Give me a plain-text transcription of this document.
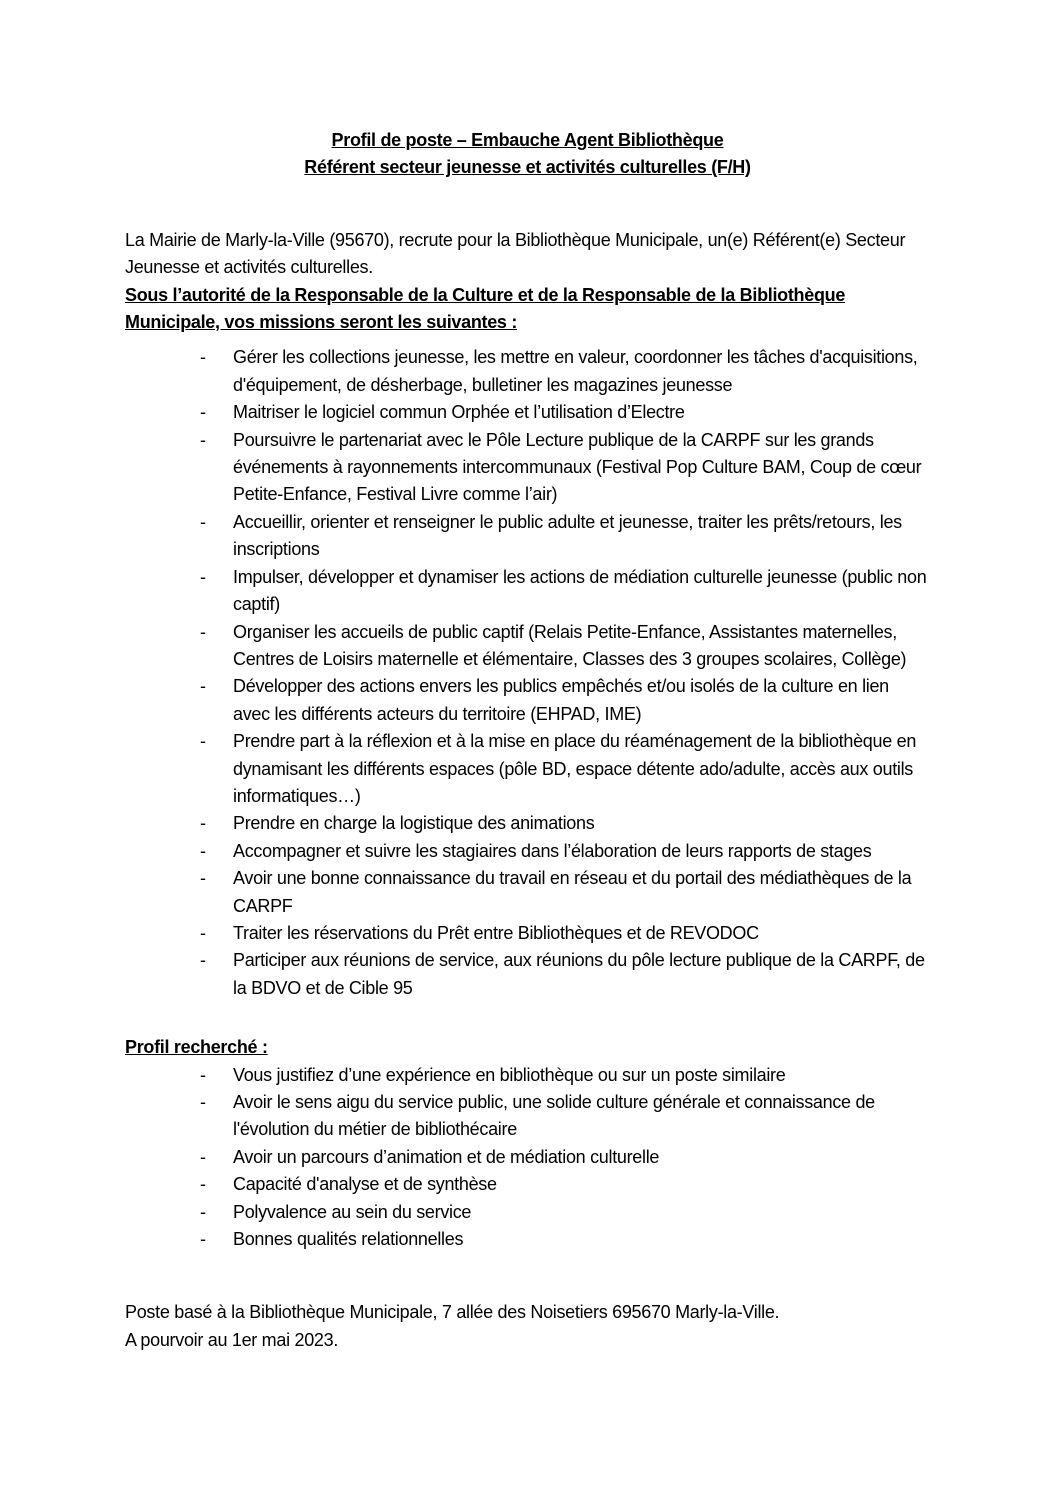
Profil de poste – Embauche Agent Bibliothèque
Référent secteur jeunesse et activités culturelles (F/H)

La Mairie de Marly-la-Ville (95670), recrute pour la Bibliothèque Municipale, un(e) Référent(e) Secteur Jeunesse et activités culturelles.

Sous l’autorité de la Responsable de la Culture et de la Responsable de la Bibliothèque Municipale, vos missions seront les suivantes :

-	Gérer les collections jeunesse, les mettre en valeur, coordonner les tâches d'acquisitions, d'équipement, de désherbage, bulletiner les magazines jeunesse
-	Maitriser le logiciel commun Orphée et l’utilisation d’Electre
-	Poursuivre le partenariat avec le Pôle Lecture publique de la CARPF sur les grands événements à rayonnements intercommunaux (Festival Pop Culture BAM, Coup de cœur Petite-Enfance, Festival Livre comme l’air)
-	Accueillir, orienter et renseigner le public adulte et jeunesse, traiter les prêts/retours, les inscriptions
-	Impulser, développer et dynamiser les actions de médiation culturelle jeunesse (public non captif)
-	Organiser les accueils de public captif (Relais Petite-Enfance, Assistantes maternelles, Centres de Loisirs maternelle et élémentaire, Classes des 3 groupes scolaires, Collège)
-	Développer des actions envers les publics empêchés et/ou isolés de la culture en lien avec les différents acteurs du territoire (EHPAD, IME)
-	Prendre part à la réflexion et à la mise en place du réaménagement de la bibliothèque en dynamisant les différents espaces (pôle BD, espace détente ado/adulte, accès aux outils informatiques…)
-	Prendre en charge la logistique des animations
-	Accompagner et suivre les stagiaires dans l’élaboration de leurs rapports de stages
-	Avoir une bonne connaissance du travail en réseau et du portail des médiathèques de la CARPF
-	Traiter les réservations du Prêt entre Bibliothèques et de REVODOC
-	Participer aux réunions de service, aux réunions du pôle lecture publique de la CARPF, de la BDVO et de Cible 95

Profil recherché :

-	Vous justifiez d’une expérience en bibliothèque ou sur un poste similaire
-	Avoir le sens aigu du service public, une solide culture générale et connaissance de l'évolution du métier de bibliothécaire
-	Avoir un parcours d’animation et de médiation culturelle
-	Capacité d'analyse et de synthèse
-	Polyvalence au sein du service
-	Bonnes qualités relationnelles
Poste basé à la Bibliothèque Municipale, 7 allée des Noisetiers 695670 Marly-la-Ville.
A pourvoir au 1er mai 2023.
